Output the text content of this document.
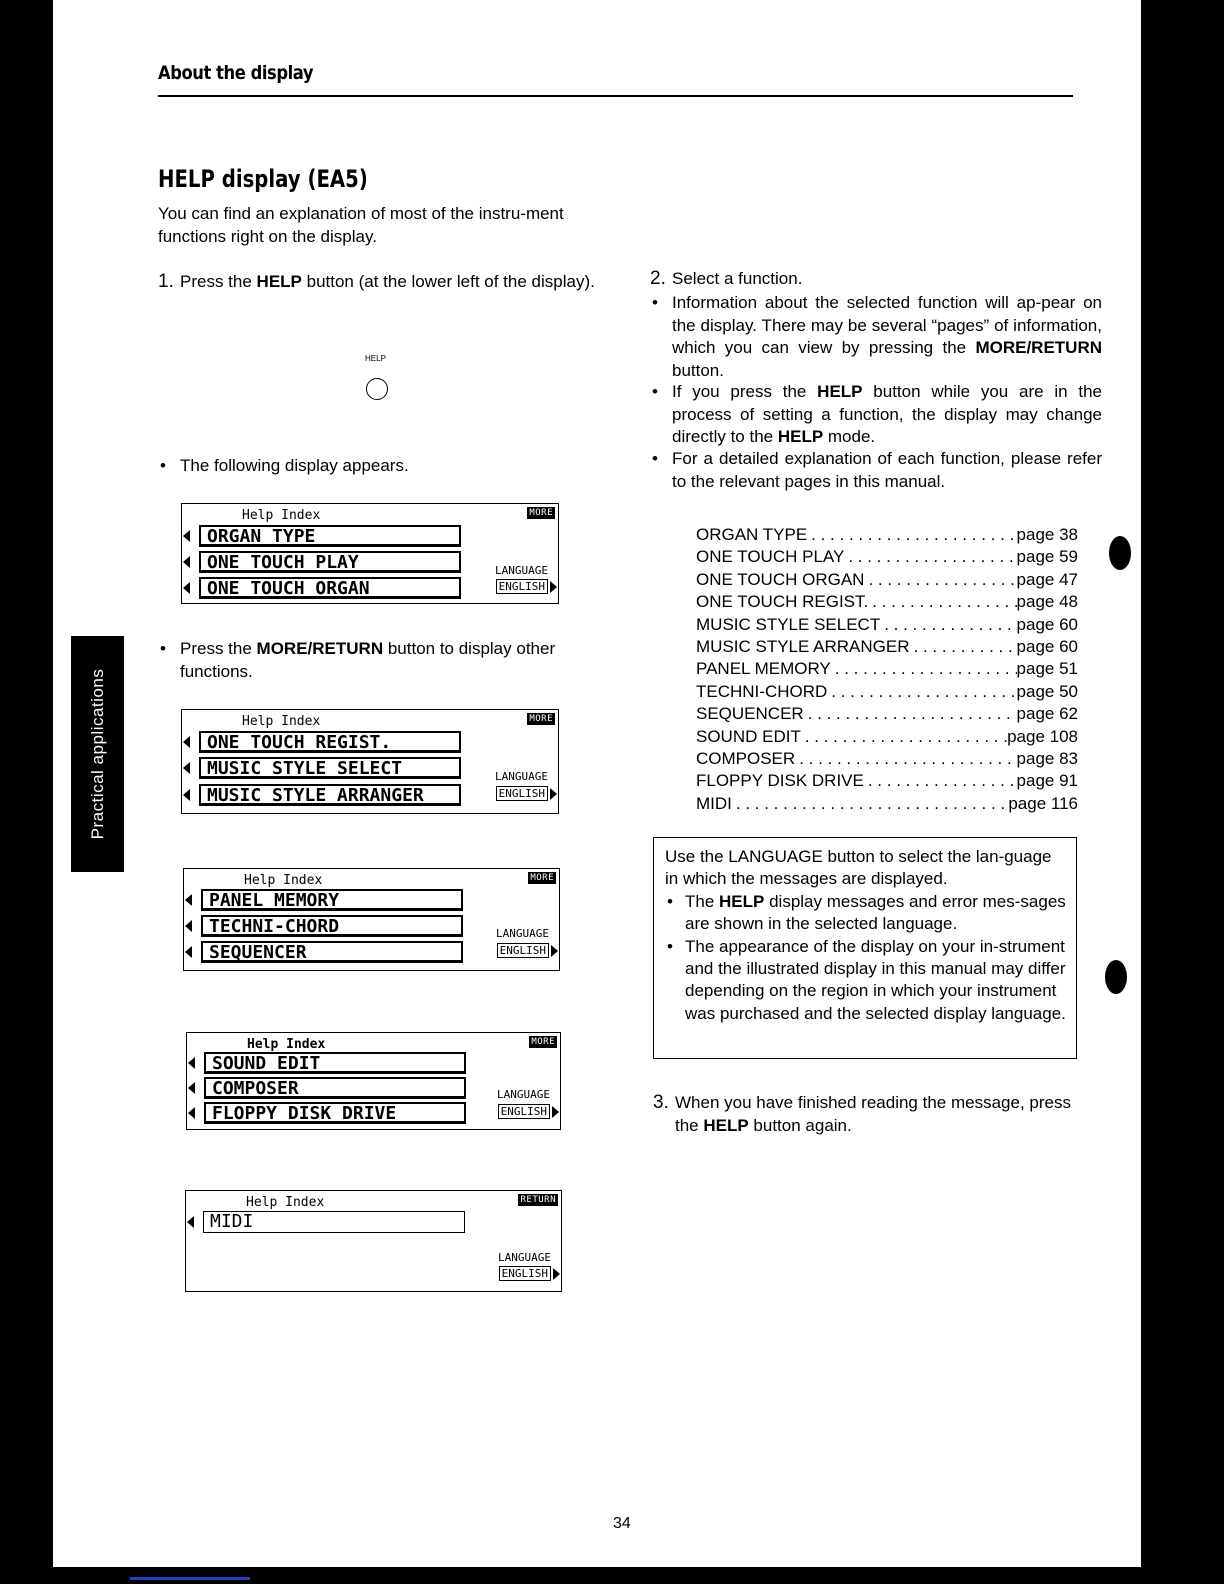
About the display
HELP display (EA5)
You can find an explanation of most of the instru-ment functions right on the display.
1. Press the HELP button (at the lower left of the display).
HELP
• The following display appears.
Help Index	MORE
ORGAN TYPE
ONE TOUCH PLAY
ONE TOUCH ORGAN
LANGUAGE
ENGLISH
• Press the MORE/RETURN button to display other functions.
Help Index	MORE
ONE TOUCH REGIST.
MUSIC STYLE SELECT
MUSIC STYLE ARRANGER
LANGUAGE
ENGLISH
Help Index	MORE
PANEL MEMORY
TECHNI-CHORD
SEQUENCER
LANGUAGE
ENGLISH
Help Index	MORE
SOUND EDIT
COMPOSER
FLOPPY DISK DRIVE
LANGUAGE
ENGLISH
Help Index	RETURN
MIDI
LANGUAGE
ENGLISH
2. Select a function.
• Information about the selected function will ap-pear on the display. There may be several “pages” of information, which you can view by pressing the MORE/RETURN button.
• If you press the HELP button while you are in the process of setting a function, the display may change directly to the HELP mode.
• For a detailed explanation of each function, please refer to the relevant pages in this manual.
ORGAN TYPE . . .	page 38
ONE TOUCH PLAY . . .	page 59
ONE TOUCH ORGAN . . .	page 47
ONE TOUCH REGIST. . . .	page 48
MUSIC STYLE SELECT . . .	page 60
MUSIC STYLE ARRANGER . . .	page 60
PANEL MEMORY . . .	page 51
TECHNI-CHORD . . .	page 50
SEQUENCER . . .	page 62
SOUND EDIT . . .	page 108
COMPOSER . . .	page 83
FLOPPY DISK DRIVE . . .	page 91
MIDI . . .	page 116
Use the LANGUAGE button to select the lan-guage in which the messages are displayed.
• The HELP display messages and error mes-sages are shown in the selected language.
• The appearance of the display on your in-strument and the illustrated display in this manual may differ depending on the region in which your instrument was purchased and the selected display language.
3. When you have finished reading the message, press the HELP button again.
Practical applications
34
